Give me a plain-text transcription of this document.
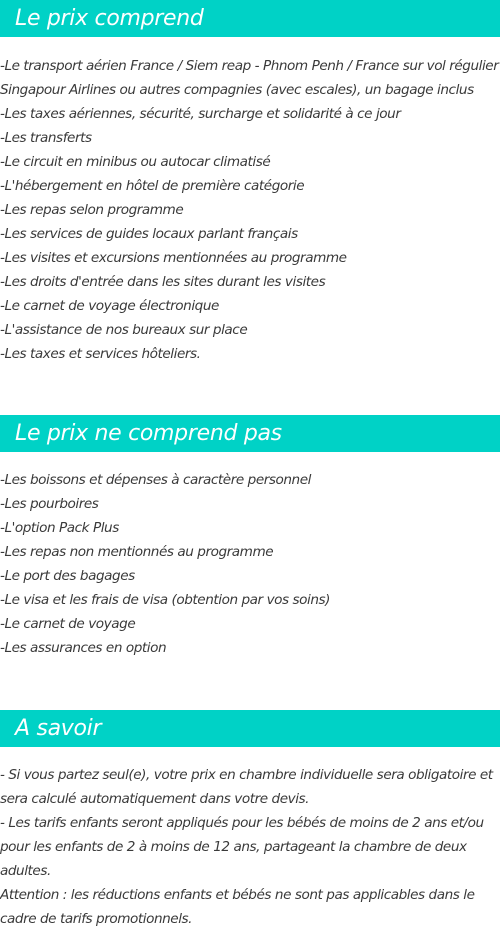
Le prix comprend
-Le transport aérien France / Siem reap - Phnom Penh / France sur vol régulier Singapour Airlines ou autres compagnies (avec escales), un bagage inclus
-Les taxes aériennes, sécurité, surcharge et solidarité à ce jour
-Les transferts
-Le circuit en minibus ou autocar climatisé
-L'hébergement en hôtel de première catégorie
-Les repas selon programme
-Les services de guides locaux parlant français
-Les visites et excursions mentionnées au programme
-Les droits d'entrée dans les sites durant les visites
-Le carnet de voyage électronique
-L'assistance de nos bureaux sur place
-Les taxes et services hôteliers.
Le prix ne comprend pas
-Les boissons et dépenses à caractère personnel
-Les pourboires
-L'option Pack Plus
-Les repas non mentionnés au programme
-Le port des bagages
-Le visa et les frais de visa (obtention par vos soins)
-Le carnet de voyage
-Les assurances en option
A savoir
- Si vous partez seul(e), votre prix en chambre individuelle sera obligatoire et sera calculé automatiquement dans votre devis.
- Les tarifs enfants seront appliqués pour les bébés de moins de 2 ans et/ou pour les enfants de 2 à moins de 12 ans, partageant la chambre de deux adultes.
Attention : les réductions enfants et bébés ne sont pas applicables dans le cadre de tarifs promotionnels.
